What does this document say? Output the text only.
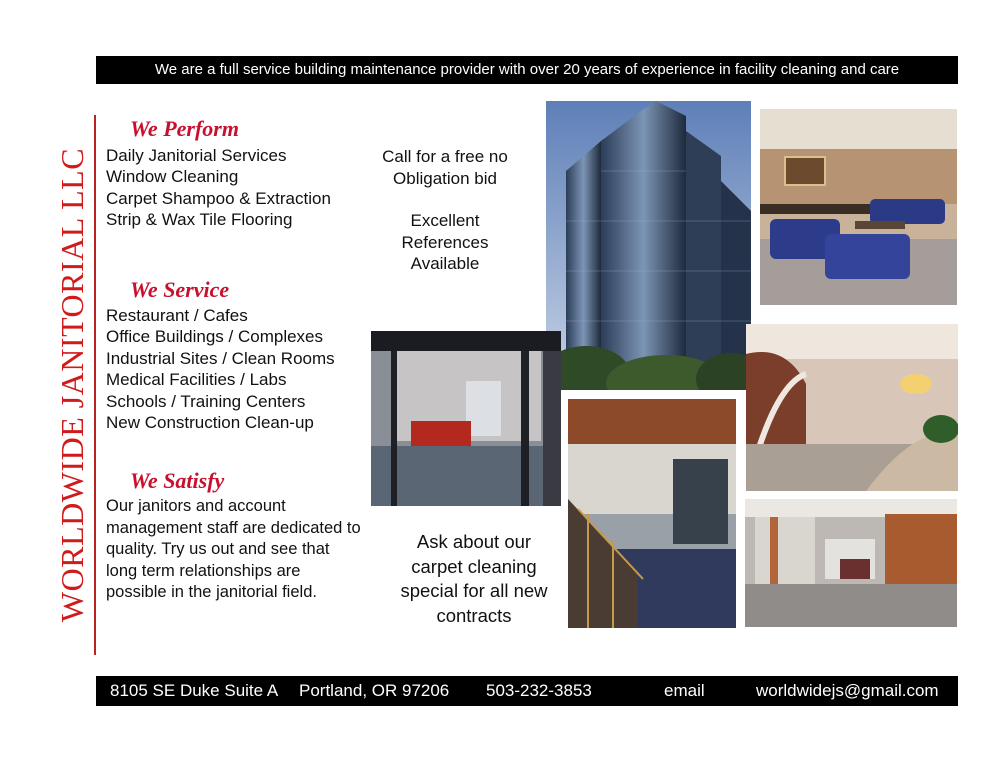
We are a full service building maintenance provider with over 20 years of experience in facility cleaning and care
WORLDWIDE JANITORIAL LLC
We Perform
Daily Janitorial Services
Window Cleaning
Carpet Shampoo & Extraction
Strip & Wax Tile Flooring
We Service
Restaurant / Cafes
Office Buildings / Complexes
Industrial Sites / Clean Rooms
Medical Facilities / Labs
Schools / Training Centers
New Construction Clean-up
We Satisfy
Our janitors and account management staff are dedicated to quality. Try us out and see that long term relationships are possible in the janitorial field.
Call for a free no
Obligation bid
Excellent
References
Available
Ask about our
carpet cleaning
special for all new
contracts
8105 SE Duke Suite A Portland, OR 97206 503-232-3853	email	worldwidejs@gmail.com
